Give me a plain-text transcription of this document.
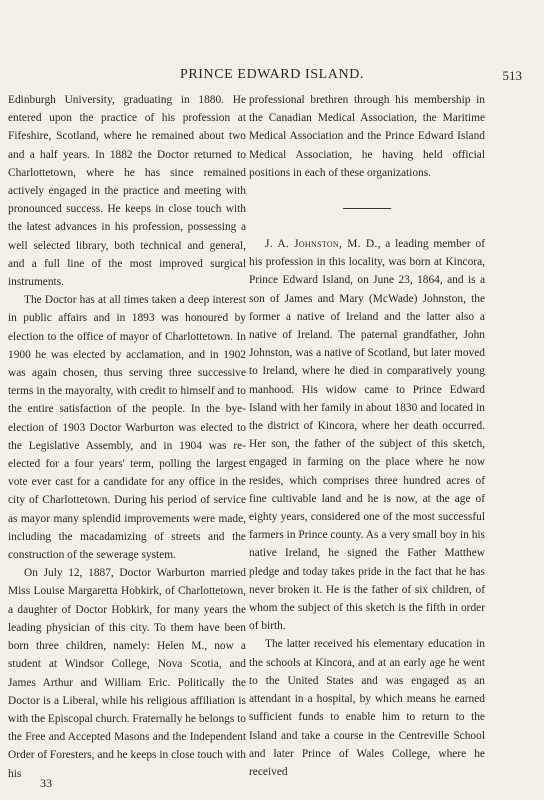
PRINCE EDWARD ISLAND.	513

Edinburgh University, graduating in 1880. He entered upon the practice of his profession at Fifeshire, Scotland, where he remained about two and a half years. In 1882 the Doctor returned to Charlottetown, where he has since remained actively engaged in the practice and meeting with pronounced success. He keeps in close touch with the latest advances in his profession, possessing a well selected library, both technical and general, and a full line of the most improved surgical instruments.

The Doctor has at all times taken a deep interest in public affairs and in 1893 was honoured by election to the office of mayor of Charlottetown. In 1900 he was elected by acclamation, and in 1902 was again chosen, thus serving three successive terms in the mayoralty, with credit to himself and to the entire satisfaction of the people. In the bye-election of 1903 Doctor Warburton was elected to the Legislative Assembly, and in 1904 was re-elected for a four years' term, polling the largest vote ever cast for a candidate for any office in the city of Charlottetown. During his period of service as mayor many splendid improvements were made, including the macadamizing of streets and the construction of the sewerage system.

On July 12, 1887, Doctor Warburton married Miss Louise Margaretta Hobkirk, of Charlottetown, a daughter of Doctor Hobkirk, for many years the leading physician of this city. To them have been born three children, namely: Helen M., now a student at Windsor College, Nova Scotia, and James Arthur and William Eric. Politically the Doctor is a Liberal, while his religious affiliation is with the Episcopal church. Fraternally he belongs to the Free and Accepted Masons and the Independent Order of Foresters, and he keeps in close touch with his

professional brethren through his membership in the Canadian Medical Association, the Maritime Medical Association and the Prince Edward Island Medical Association, he having held official positions in each of these organizations.

J. A. Johnston, M. D., a leading member of his profession in this locality, was born at Kincora, Prince Edward Island, on June 23, 1864, and is a son of James and Mary (McWade) Johnston, the former a native of Ireland and the latter also a native of Ireland. The paternal grandfather, John Johnston, was a native of Scotland, but later moved to Ireland, where he died in comparatively young manhood. His widow came to Prince Edward Island with her family in about 1830 and located in the district of Kincora, where her death occurred. Her son, the father of the subject of this sketch, engaged in farming on the place where he now resides, which comprises three hundred acres of fine cultivable land and he is now, at the age of eighty years, considered one of the most successful farmers in Prince county. As a very small boy in his native Ireland, he signed the Father Matthew pledge and today takes pride in the fact that he has never broken it. He is the father of six children, of whom the subject of this sketch is the fifth in order of birth.

The latter received his elementary education in the schools at Kincora, and at an early age he went to the United States and was engaged as an attendant in a hospital, by which means he earned sufficient funds to enable him to return to the Island and take a course in the Centreville School and later Prince of Wales College, where he received

33
